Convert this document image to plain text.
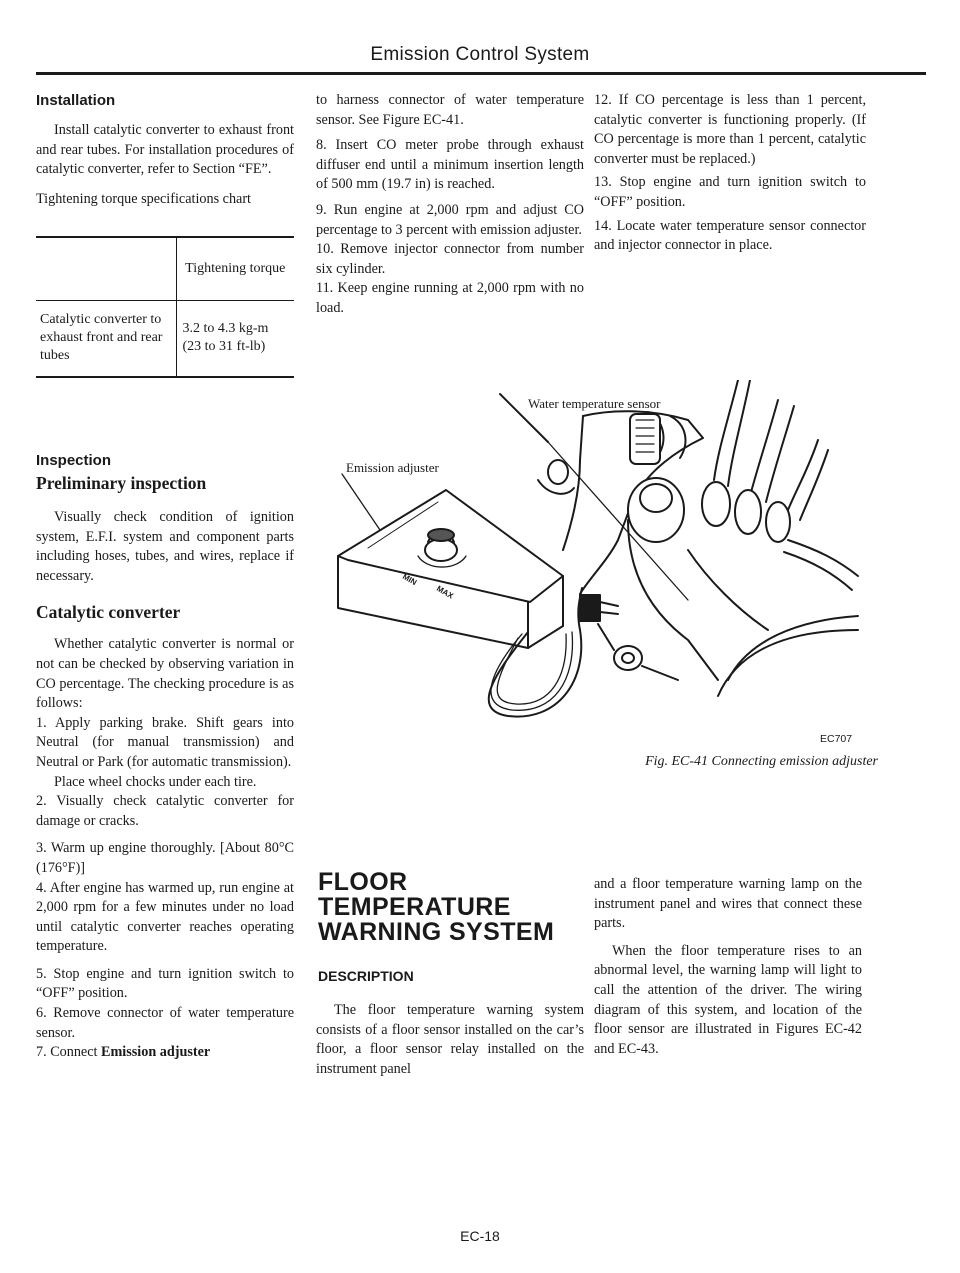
Emission Control System
Installation

Install catalytic converter to exhaust front and rear tubes. For installation procedures of catalytic converter, refer to Section “FE”.

Tightening torque specifications chart

	Tightening torque
Catalytic converter to exhaust front and rear tubes	3.2 to 4.3 kg-m (23 to 31 ft-lb)
Inspection
Preliminary inspection

Visually check condition of ignition system, E.F.I. system and component parts including hoses, tubes, and wires, replace if necessary.

Catalytic converter

Whether catalytic converter is normal or not can be checked by observing variation in CO percentage. The checking procedure is as follows:

1. Apply parking brake. Shift gears into Neutral (for manual transmission) and Neutral or Park (for automatic transmission).

Place wheel chocks under each tire.

2. Visually check catalytic converter for damage or cracks.

3. Warm up engine thoroughly. [About 80°C (176°F)]

4. After engine has warmed up, run engine at 2,000 rpm for a few minutes under no load until catalytic converter reaches operating temperature.

5. Stop engine and turn ignition switch to “OFF” position.

6. Remove connector of water temperature sensor.

7. Connect Emission adjuster

to harness connector of water temperature sensor. See Figure EC-41.

8. Insert CO meter probe through exhaust diffuser end until a minimum insertion length of 500 mm (19.7 in) is reached.

9. Run engine at 2,000 rpm and adjust CO percentage to 3 percent with emission adjuster.

10. Remove injector connector from number six cylinder.

11. Keep engine running at 2,000 rpm with no load.

12. If CO percentage is less than 1 percent, catalytic converter is functioning properly. (If CO percentage is more than 1 percent, catalytic converter must be replaced.)

13. Stop engine and turn ignition switch to “OFF” position.

14. Locate water temperature sensor connector and injector connector in place.

MIN
MAX
Water temperature sensor
Emission adjuster
EC707
Fig. EC-41 Connecting emission adjuster
FLOOR
TEMPERATURE
WARNING SYSTEM
DESCRIPTION

The floor temperature warning system consists of a floor sensor installed on the car’s floor, a floor sensor relay installed on the instrument panel

and a floor temperature warning lamp on the instrument panel and wires that connect these parts.

When the floor temperature rises to an abnormal level, the warning lamp will light to call the attention of the driver. The wiring diagram of this system, and location of the floor sensor are illustrated in Figures EC-42 and EC-43.

EC-18
